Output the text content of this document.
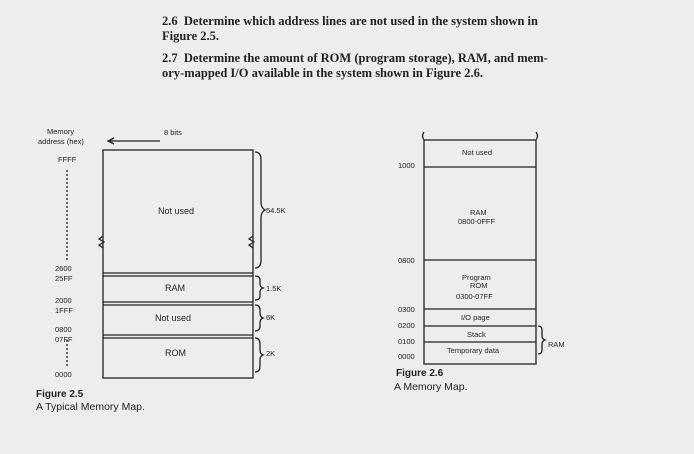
2.6 Determine which address lines are not used in the system shown in
Figure 2.5.
2.7 Determine the amount of ROM (program storage), RAM, and mem-
ory-mapped I/O available in the system shown in Figure 2.6.
Memory
address (hex)
8 bits
FFFF
2600
25FF
2000
1FFF
0800
07FF
0000
Not used
RAM
Not used
ROM
54.5K
1.5K
6K
2K
Figure 2.5
A Typical Memory Map.
1000
0800
0300
0200
0100
0000
Not used
RAM
0800-0FFF
Program
ROM
0300-07FF
I/O page
Stack
Temporary data
RAM
Figure 2.6
A Memory Map.
